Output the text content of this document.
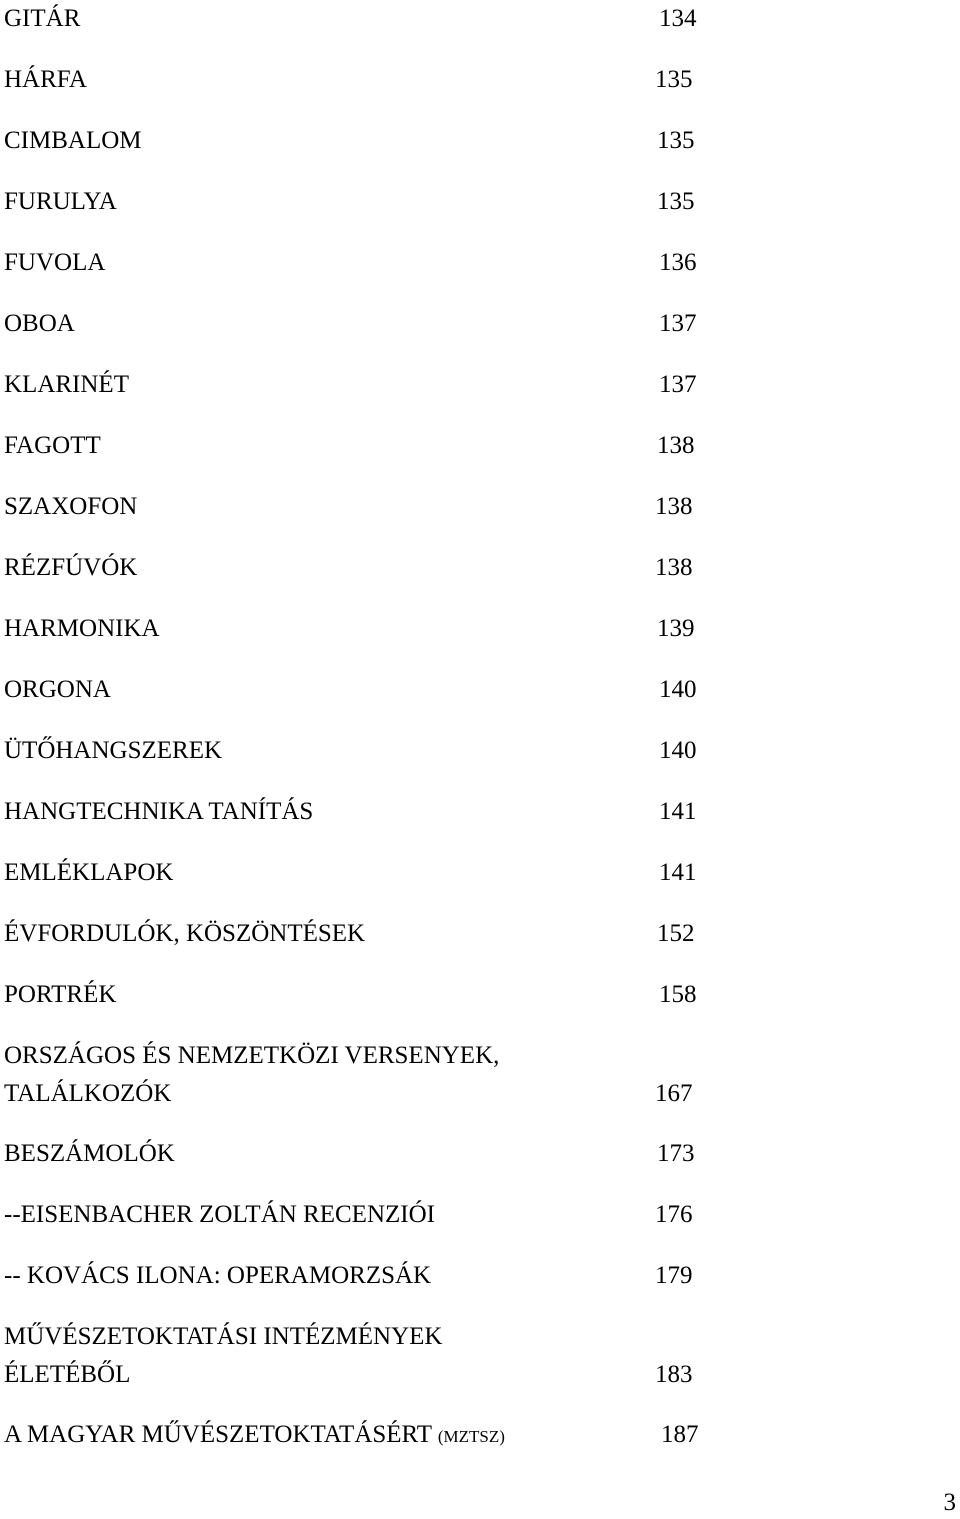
GITÁR	134
HÁRFA	135
CIMBALOM	135
FURULYA	135
FUVOLA	136
OBOA	137
KLARINÉT	137
FAGOTT	138
SZAXOFON	138
RÉZFÚVÓK	138
HARMONIKA	139
ORGONA	140
ÜTŐHANGSZEREK	140
HANGTECHNIKA TANÍTÁS	141
EMLÉKLAPOK	141
ÉVFORDULÓK, KÖSZÖNTÉSEK	152
PORTRÉK	158
ORSZÁGOS ÉS NEMZETKÖZI VERSENYEK,
TALÁLKOZÓK	167
BESZÁMOLÓK	173
--EISENBACHER ZOLTÁN RECENZIÓI	176
-- KOVÁCS ILONA: OPERAMORZSÁK	179
MŰVÉSZETOKTATÁSI INTÉZMÉNYEK
ÉLETÉBŐL	183
A MAGYAR MŰVÉSZETOKTATÁSÉRT (MZTSZ)	187
3
